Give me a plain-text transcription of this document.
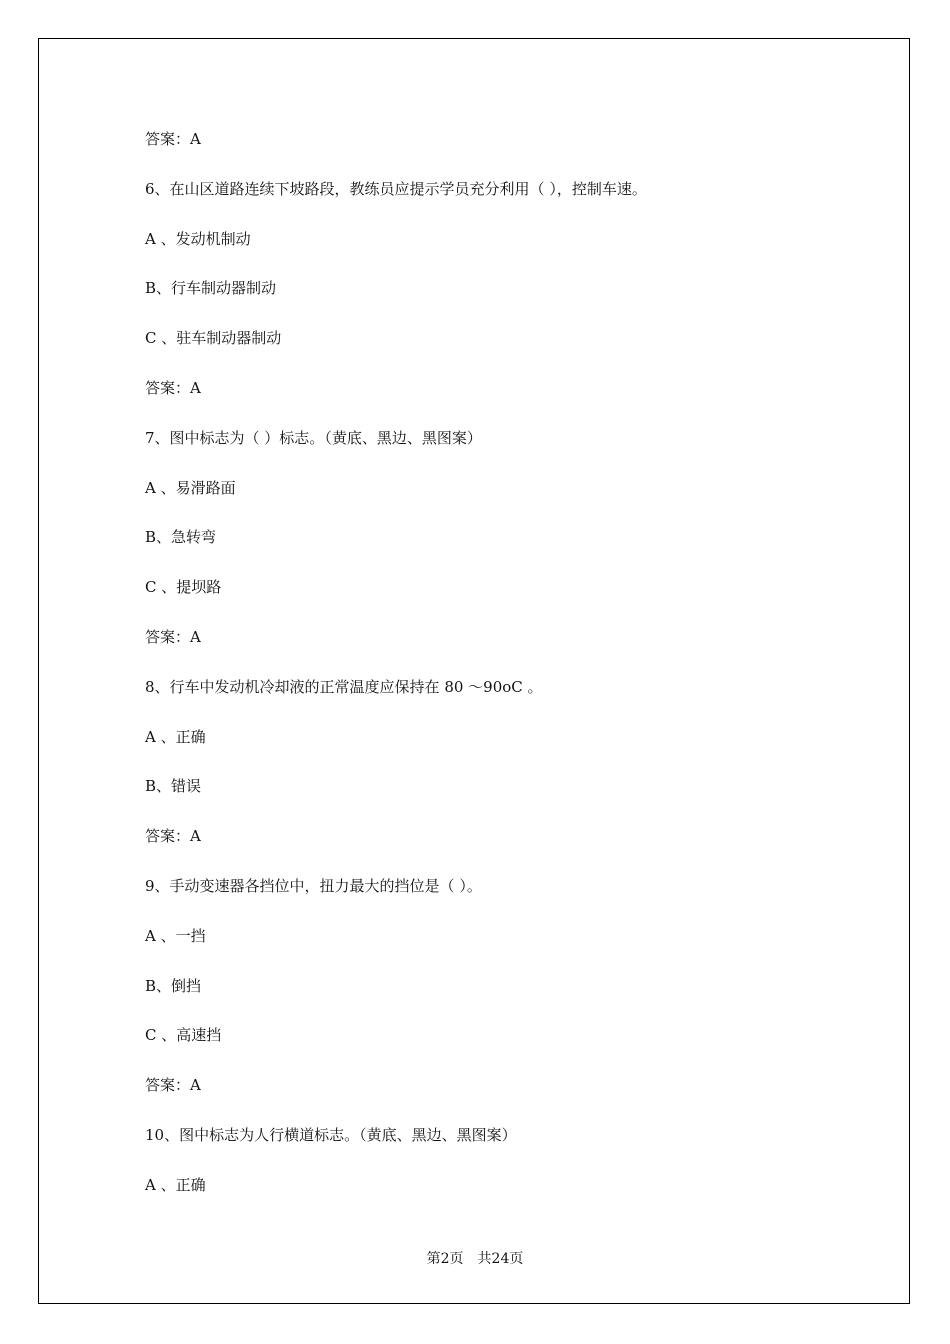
答案：A
6、在山区道路连续下坡路段，教练员应提示学员充分利用（ ），控制车速。
A 、发动机制动
B、行车制动器制动
C 、驻车制动器制动
答案：A
7、图中标志为（ ）标志。（黄底、黑边、黑图案）
A 、易滑路面
B、急转弯
C 、提坝路
答案：A
8、行车中发动机冷却液的正常温度应保持在 80 ～90oC 。
A 、正确
B、错误
答案：A
9、手动变速器各挡位中，扭力最大的挡位是（ ）。
A 、一挡
B、倒挡
C 、高速挡
答案：A
10、图中标志为人行横道标志。（黄底、黑边、黑图案）
A 、正确
第2页 共24页
